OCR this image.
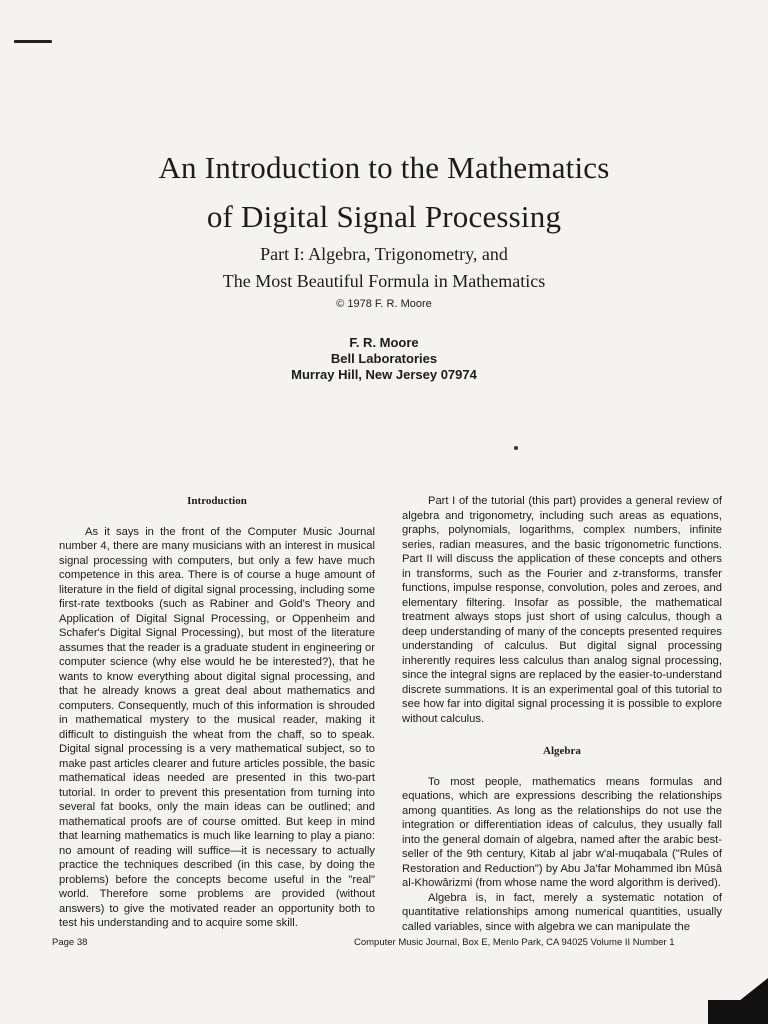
An Introduction to the Mathematics
of Digital Signal Processing
Part I: Algebra, Trigonometry, and
The Most Beautiful Formula in Mathematics
© 1978 F. R. Moore
F. R. Moore
Bell Laboratories
Murray Hill, New Jersey 07974
Introduction

As it says in the front of the Computer Music Journal number 4, there are many musicians with an interest in musical signal processing with computers, but only a few have much competence in this area. There is of course a huge amount of literature in the field of digital signal processing, including some first-rate textbooks (such as Rabiner and Gold's Theory and Application of Digital Signal Processing, or Oppenheim and Schafer's Digital Signal Processing), but most of the literature assumes that the reader is a graduate student in engineering or computer science (why else would he be interested?), that he wants to know everything about digital signal processing, and that he already knows a great deal about mathematics and computers. Consequently, much of this information is shrouded in mathematical mystery to the musical reader, making it difficult to distinguish the wheat from the chaff, so to speak. Digital signal processing is a very mathematical subject, so to make past articles clearer and future articles possible, the basic mathematical ideas needed are presented in this two-part tutorial. In order to prevent this presentation from turning into several fat books, only the main ideas can be outlined; and mathematical proofs are of course omitted. But keep in mind that learning mathematics is much like learning to play a piano: no amount of reading will suffice—it is necessary to actually practice the techniques described (in this case, by doing the problems) before the concepts become useful in the "real" world. Therefore some problems are provided (without answers) to give the motivated reader an opportunity both to test his understanding and to acquire some skill.

Part I of the tutorial (this part) provides a general review of algebra and trigonometry, including such areas as equations, graphs, polynomials, logarithms, complex numbers, infinite series, radian measures, and the basic trigonometric functions. Part II will discuss the application of these concepts and others in transforms, such as the Fourier and z-transforms, transfer functions, impulse response, convolution, poles and zeroes, and elementary filtering. Insofar as possible, the mathematical treatment always stops just short of using calculus, though a deep understanding of many of the concepts presented requires understanding of calculus. But digital signal processing inherently requires less calculus than analog signal processing, since the integral signs are replaced by the easier-to-understand discrete summations. It is an experimental goal of this tutorial to see how far into digital signal processing it is possible to explore without calculus.

Algebra

To most people, mathematics means formulas and equations, which are expressions describing the relationships among quantities. As long as the relationships do not use the integration or differentiation ideas of calculus, they usually fall into the general domain of algebra, named after the arabic best-seller of the 9th century, Kitab al jabr w'al-muqabala ("Rules of Restoration and Reduction") by Abu Ja'far Mohammed ibn Mûsâ al-Khowârizmi (from whose name the word algorithm is derived).

Algebra is, in fact, merely a systematic notation of quantitative relationships among numerical quantities, usually called variables, since with algebra we can manipulate the

Page 38	Computer Music Journal, Box E, Menlo Park, CA 94025 Volume II Number 1
